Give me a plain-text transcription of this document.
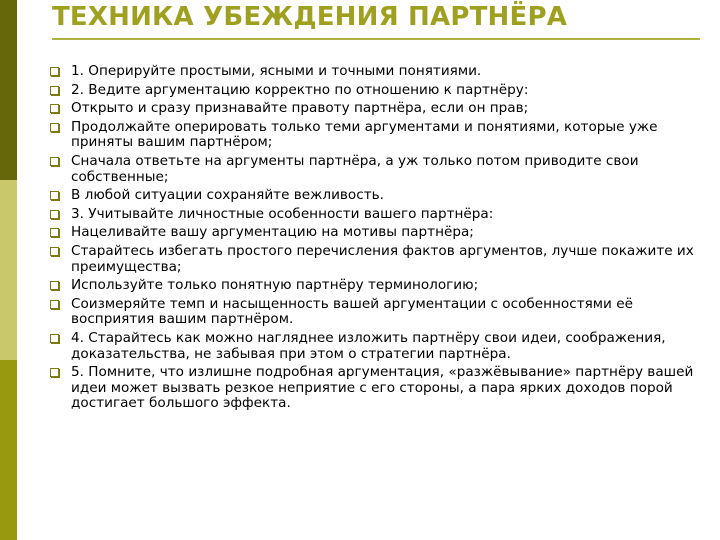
ТЕХНИКА УБЕЖДЕНИЯ ПАРТНЁРА
1. Оперируйте простыми, ясными и точными понятиями.
2. Ведите аргументацию корректно по отношению к партнёру:
Открыто и сразу признавайте правоту партнёра, если он прав;
Продолжайте оперировать только теми аргументами и понятиями, которые уже приняты вашим партнёром;
Сначала ответьте на аргументы партнёра, а уж только потом приводите свои собственные;
В любой ситуации сохраняйте вежливость.
3. Учитывайте личностные особенности вашего партнёра:
Нацеливайте вашу аргументацию на мотивы партнёра;
Старайтесь избегать простого перечисления фактов аргументов, лучше покажите их преимущества;
Используйте только понятную партнёру терминологию;
Соизмеряйте темп и насыщенность вашей аргументации с особенностями её восприятия вашим партнёром.
4. Старайтесь как можно нагляднее изложить партнёру свои идеи, соображения, доказательства, не забывая при этом о стратегии партнёра.
5. Помните, что излишне подробная аргументация, «разжёвывание» партнёру вашей идеи может вызвать резкое неприятие с его стороны, а пара ярких доходов порой достигает большого эффекта.
